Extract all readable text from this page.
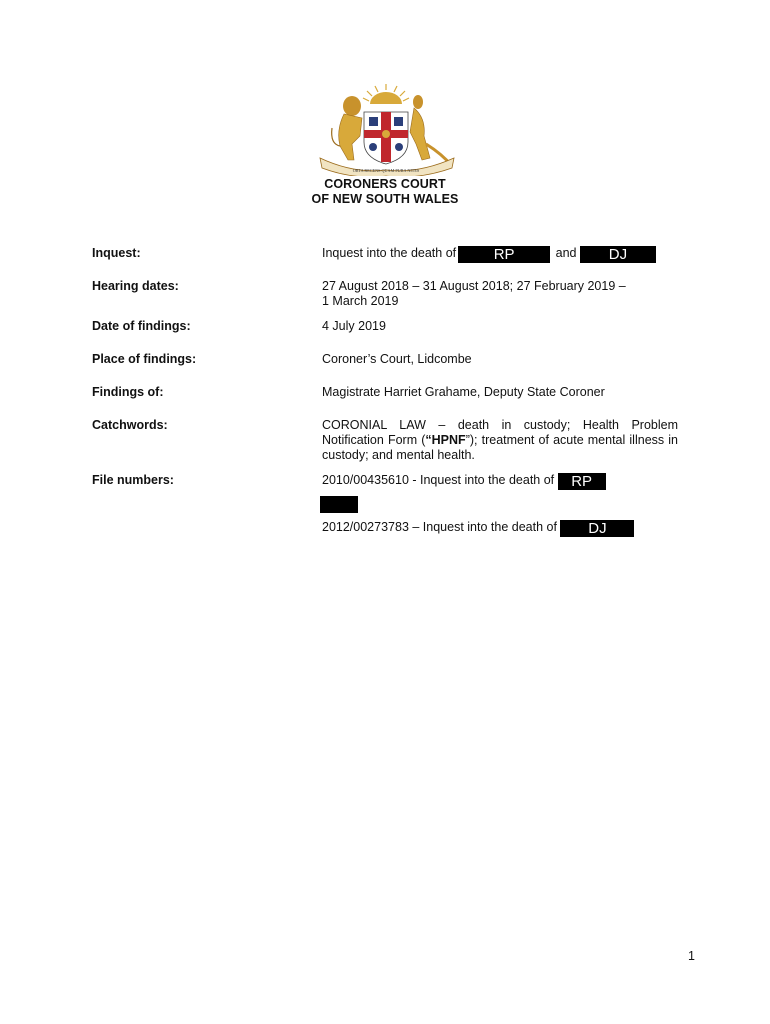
ORTA RECENS QUAM PURA NITES
CORONERS COURT
OF NEW SOUTH WALES
Inquest:	Inquest into the death of	RP	and DJ
Hearing dates:	27 August 2018 – 31 August 2018; 27 February 2019 –
1 March 2019
Date of findings:	4 July 2019
Place of findings:	Coroner’s Court, Lidcombe
Findings of:	Magistrate Harriet Grahame, Deputy State Coroner
Catchwords:	CORONIAL LAW – death in custody; Health Problem Notification Form (“HPNF”); treatment of acute mental illness in custody; and mental health.
File numbers:	2010/00435610 - Inquest into the death of RP
2012/00273783 – Inquest into the death of DJ
1
